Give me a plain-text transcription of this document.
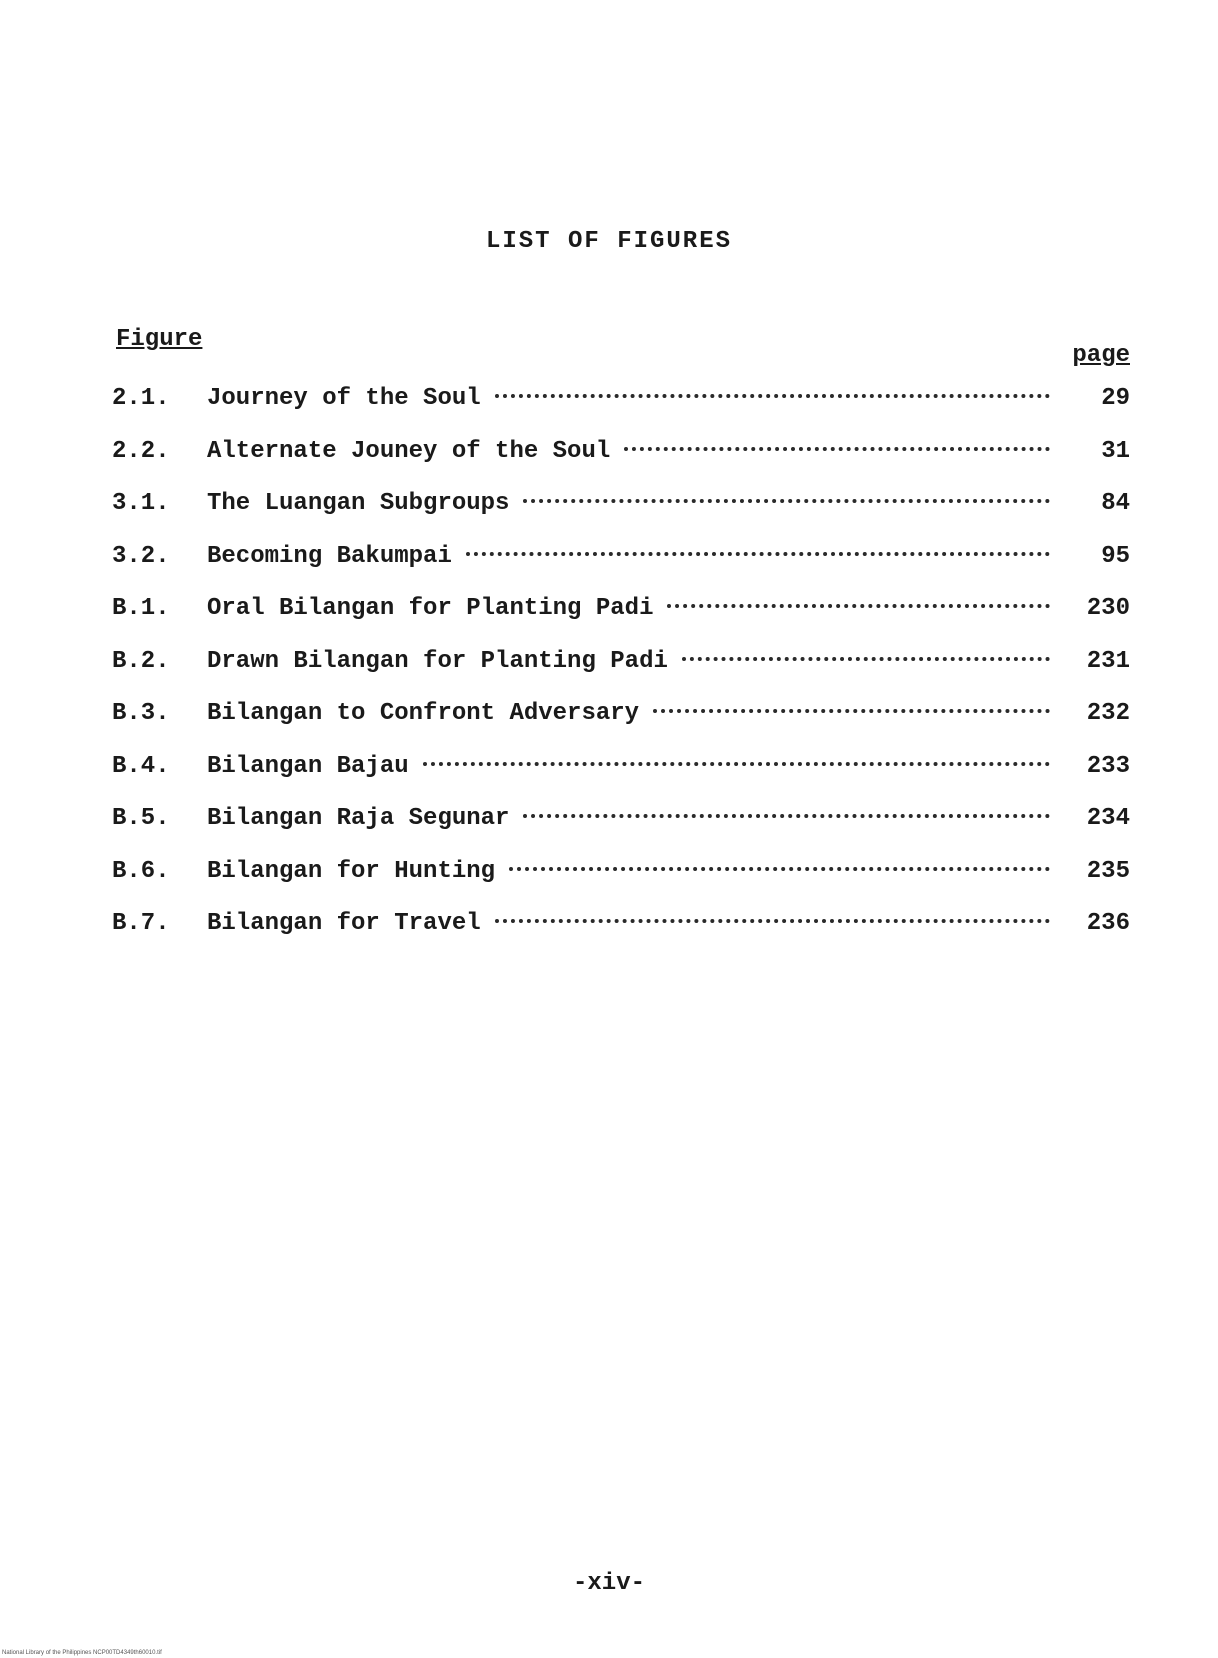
LIST OF FIGURES
Figure
page
2.1.	Journey of the Soul	29
2.2.	Alternate Jouney of the Soul	31
3.1.	The Luangan Subgroups	84
3.2.	Becoming Bakumpai	95
B.1.	Oral Bilangan for Planting Padi	230
B.2.	Drawn Bilangan for Planting Padi	231
B.3.	Bilangan to Confront Adversary	232
B.4.	Bilangan Bajau	233
B.5.	Bilangan Raja Segunar	234
B.6.	Bilangan for Hunting	235
B.7.	Bilangan for Travel	236
-xiv-
National Library of the Philippines NCP00TD4349th60010.tif
